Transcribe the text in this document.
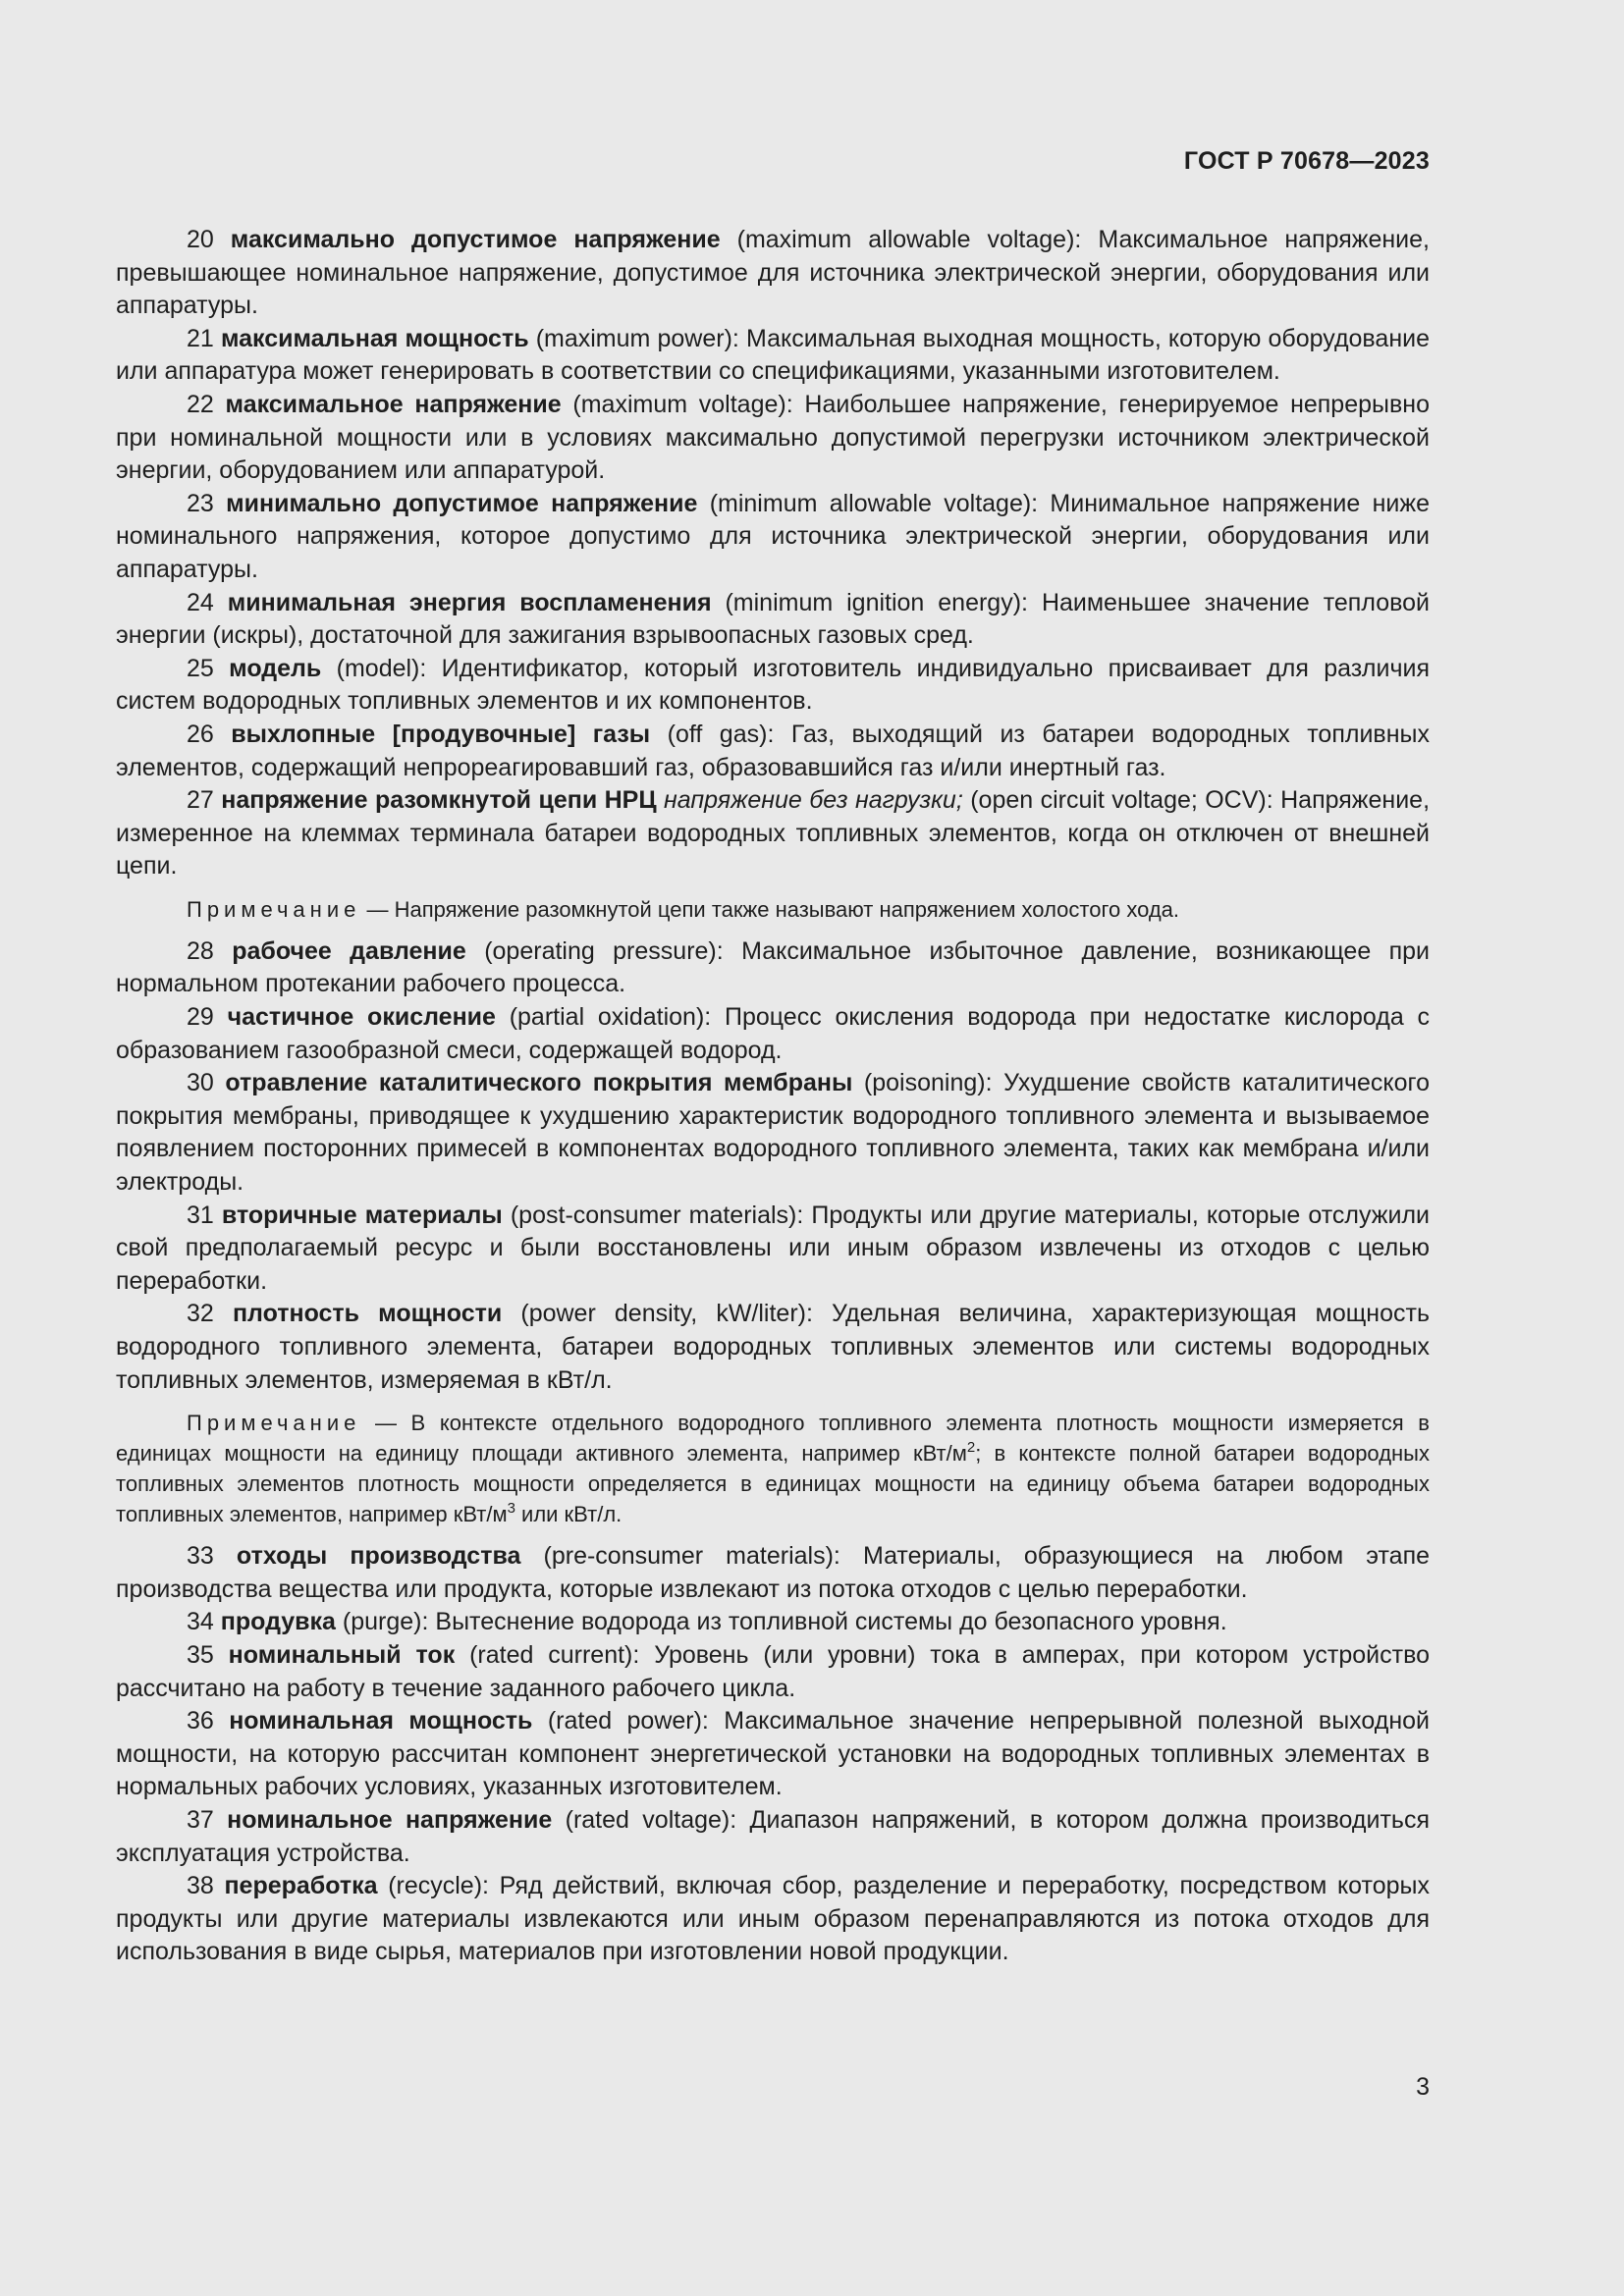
ГОСТ Р 70678—2023

20 максимально допустимое напряжение (maximum allowable voltage): Максимальное напряжение, превышающее номинальное напряжение, допустимое для источника электрической энергии, оборудования или аппаратуры.

21 максимальная мощность (maximum power): Максимальная выходная мощность, которую оборудование или аппаратура может генерировать в соответствии со спецификациями, указанными изготовителем.

22 максимальное напряжение (maximum voltage): Наибольшее напряжение, генерируемое непрерывно при номинальной мощности или в условиях максимально допустимой перегрузки источником электрической энергии, оборудованием или аппаратурой.

23 минимально допустимое напряжение (minimum allowable voltage): Минимальное напряжение ниже номинального напряжения, которое допустимо для источника электрической энергии, оборудования или аппаратуры.

24 минимальная энергия воспламенения (minimum ignition energy): Наименьшее значение тепловой энергии (искры), достаточной для зажигания взрывоопасных газовых сред.

25 модель (model): Идентификатор, который изготовитель индивидуально присваивает для различия систем водородных топливных элементов и их компонентов.

26 выхлопные [продувочные] газы (off gas): Газ, выходящий из батареи водородных топливных элементов, содержащий непрореагировавший газ, образовавшийся газ и/или инертный газ.

27 напряжение разомкнутой цепи НРЦ напряжение без нагрузки; (open circuit voltage; OCV): Напряжение, измеренное на клеммах терминала батареи водородных топливных элементов, когда он отключен от внешней цепи.

Примечание — Напряжение разомкнутой цепи также называют напряжением холостого хода.

28 рабочее давление (operating pressure): Максимальное избыточное давление, возникающее при нормальном протекании рабочего процесса.

29 частичное окисление (partial oxidation): Процесс окисления водорода при недостатке кислорода с образованием газообразной смеси, содержащей водород.

30 отравление каталитического покрытия мембраны (poisoning): Ухудшение свойств каталитического покрытия мембраны, приводящее к ухудшению характеристик водородного топливного элемента и вызываемое появлением посторонних примесей в компонентах водородного топливного элемента, таких как мембрана и/или электроды.

31 вторичные материалы (post-consumer materials): Продукты или другие материалы, которые отслужили свой предполагаемый ресурс и были восстановлены или иным образом извлечены из отходов с целью переработки.

32 плотность мощности (power density, kW/liter): Удельная величина, характеризующая мощность водородного топливного элемента, батареи водородных топливных элементов или системы водородных топливных элементов, измеряемая в кВт/л.

Примечание — В контексте отдельного водородного топливного элемента плотность мощности измеряется в единицах мощности на единицу площади активного элемента, например кВт/$м^2$; в контексте полной батареи водородных топливных элементов плотность мощности определяется в единицах мощности на единицу объема батареи водородных топливных элементов, например кВт/$м^3$ или кВт/л.

33 отходы производства (pre-consumer materials): Материалы, образующиеся на любом этапе производства вещества или продукта, которые извлекают из потока отходов с целью переработки.

34 продувка (purge): Вытеснение водорода из топливной системы до безопасного уровня.

35 номинальный ток (rated current): Уровень (или уровни) тока в амперах, при котором устройство рассчитано на работу в течение заданного рабочего цикла.

36 номинальная мощность (rated power): Максимальное значение непрерывной полезной выходной мощности, на которую рассчитан компонент энергетической установки на водородных топливных элементах в нормальных рабочих условиях, указанных изготовителем.

37 номинальное напряжение (rated voltage): Диапазон напряжений, в котором должна производиться эксплуатация устройства.

38 переработка (recycle): Ряд действий, включая сбор, разделение и переработку, посредством которых продукты или другие материалы извлекаются или иным образом перенаправляются из потока отходов для использования в виде сырья, материалов при изготовлении новой продукции.

3
